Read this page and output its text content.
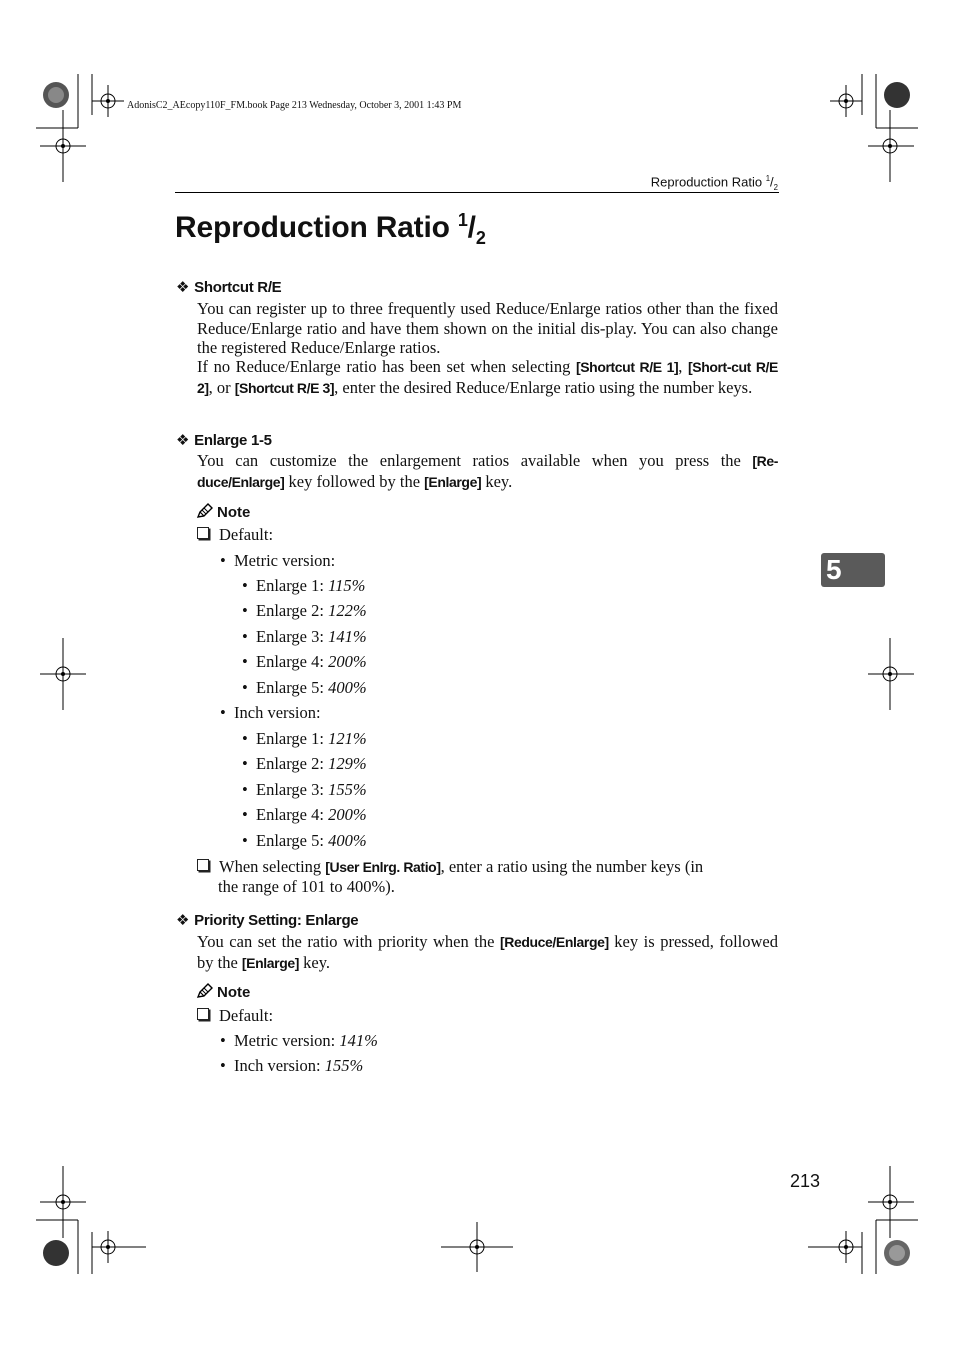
AdonisC2_AEcopy110F_FM.book Page 213 Wednesday, October 3, 2001 1:43 PM
Reproduction Ratio $^1/_2$
Reproduction Ratio $^1/_2$
5
❖ Shortcut R/E
You can register up to three frequently used Reduce/Enlarge ratios other than the fixed Reduce/Enlarge ratio and have them shown on the initial dis-play. You can also change the registered Reduce/Enlarge ratios.
If no Reduce/Enlarge ratio has been set when selecting [Shortcut R/E 1], [Short-cut R/E 2], or [Shortcut R/E 3], enter the desired Reduce/Enlarge ratio using the number keys.
❖ Enlarge 1-5
You can customize the enlargement ratios available when you press the [Re-duce/Enlarge] key followed by the [Enlarge] key.
Note
Default:
• Metric version:
• Enlarge 1: 115%
• Enlarge 2: 122%
• Enlarge 3: 141%
• Enlarge 4: 200%
• Enlarge 5: 400%
• Inch version:
• Enlarge 1: 121%
• Enlarge 2: 129%
• Enlarge 3: 155%
• Enlarge 4: 200%
• Enlarge 5: 400%
When selecting [User Enlrg. Ratio], enter a ratio using the number keys (in
the range of 101 to 400%).
❖ Priority Setting: Enlarge
You can set the ratio with priority when the [Reduce/Enlarge] key is pressed, followed by the [Enlarge] key.
Note
Default:
• Metric version: 141%
• Inch version: 155%
213
